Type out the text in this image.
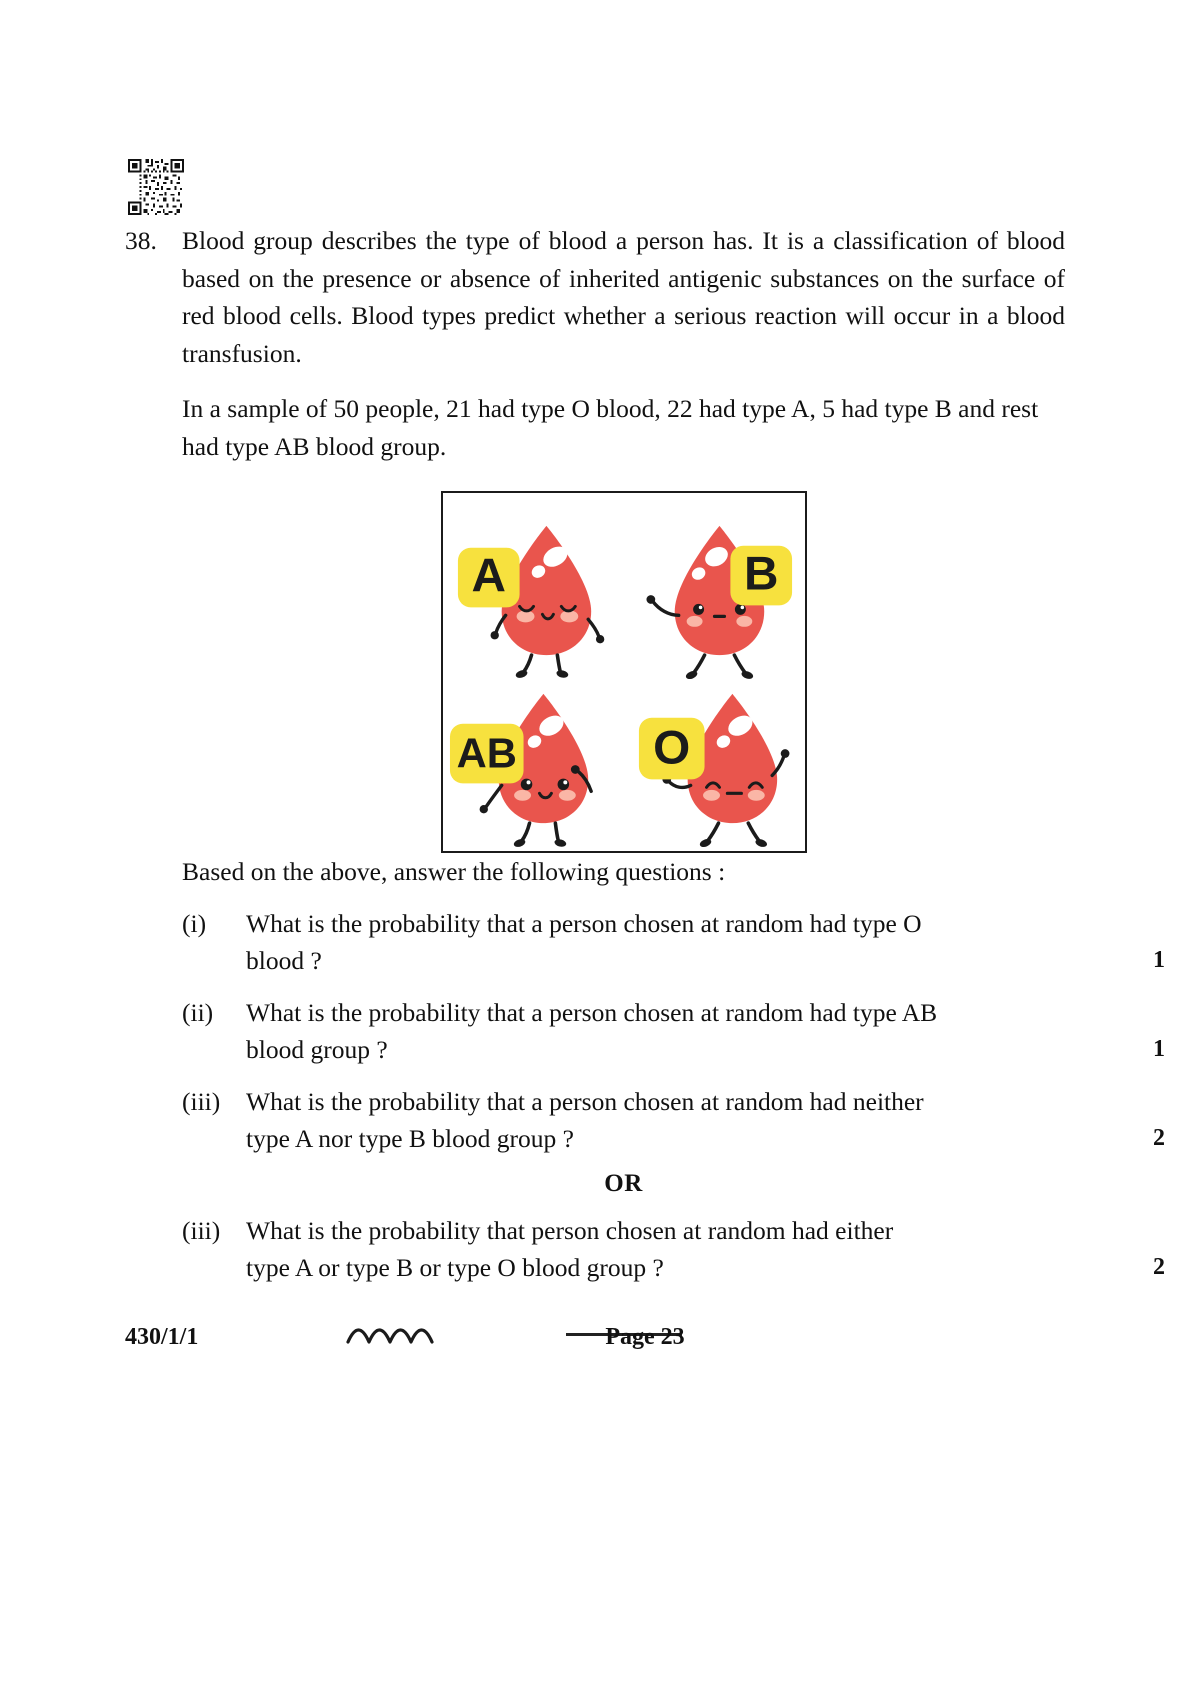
38. Blood group describes the type of blood a person has. It is a classification of blood based on the presence or absence of inherited antigenic substances on the surface of red blood cells. Blood types predict whether a serious reaction will occur in a blood transfusion.

In a sample of 50 people, 21 had type O blood, 22 had type A, 5 had type B and rest had type AB blood group.

A	B
AB	O

Based on the above, answer the following questions :

(i)	What is the probability that a person chosen at random had type O
blood ?	1
(ii)	What is the probability that a person chosen at random had type AB
blood group ?	1
(iii)	What is the probability that a person chosen at random had neither
type A nor type B blood group ?	2
OR
(iii)	What is the probability that person chosen at random had either
type A or type B or type O blood group ?	2
430/1/1	Page 23
